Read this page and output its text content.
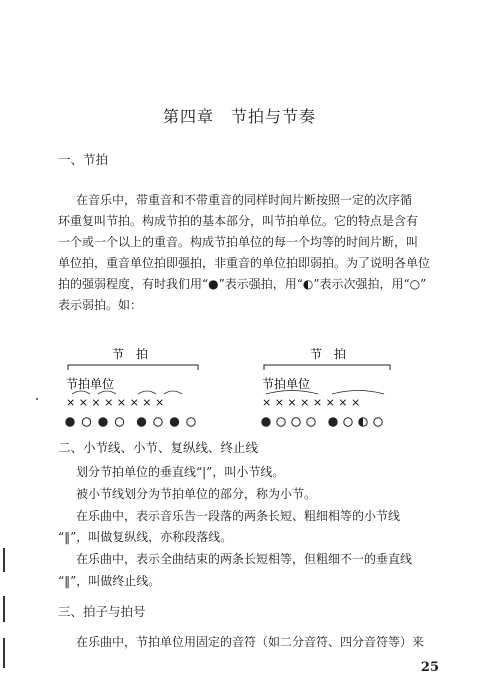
第四章　节拍与节奏
一、节拍
在音乐中，带重音和不带重音的同样时间片断按照一定的次序循
环重复叫节拍。构成节拍的基本部分，叫节拍单位。它的特点是含有
一个或一个以上的重音。构成节拍单位的每一个均等的时间片断，叫
单位拍，重音单位拍即强拍，非重音的单位拍即弱拍。为了说明各单位
拍的强弱程度，有时我们用“●”表示强拍，用“◐”表示次强拍，用“○”
表示弱拍。如：
节　拍
节拍单位
× × × × × × × ×
节　拍
节拍单位
× × × × × × × ×
二、小节线、小节、复纵线、终止线
划分节拍单位的垂直线“|”，叫小节线。
被小节线划分为节拍单位的部分，称为小节。
在乐曲中，表示音乐告一段落的两条长短、粗细相等的小节线
“‖”，叫做复纵线，亦称段落线。
在乐曲中，表示全曲结束的两条长短相等，但粗细不一的垂直线
“‖”，叫做终止线。
三、拍子与拍号
在乐曲中，节拍单位用固定的音符（如二分音符、四分音符等）来
25
